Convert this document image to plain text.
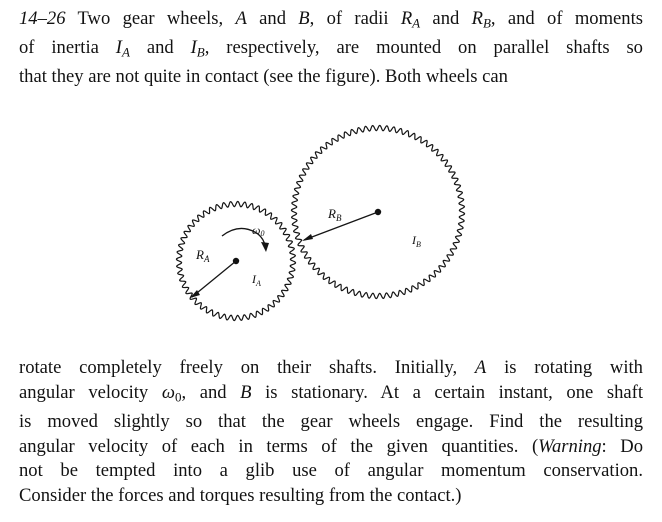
14–26 Two gear wheels, A and B, of radii $R_A$ and $R_B$, and of moments
of inertia $I_A$ and $I_B$, respectively, are mounted on parallel shafts so
that they are not quite in contact (see the figure). Both wheels can
$R_A$
$R_B$
$I_A$
$I_B$
ω0
rotate completely freely on their shafts. Initially, A is rotating with
angular velocity $\omega_0$, and B is stationary. At a certain instant, one shaft
is moved slightly so that the gear wheels engage. Find the resulting
angular velocity of each in terms of the given quantities. (Warning: Do
not be tempted into a glib use of angular momentum conservation.
Consider the forces and torques resulting from the contact.)
